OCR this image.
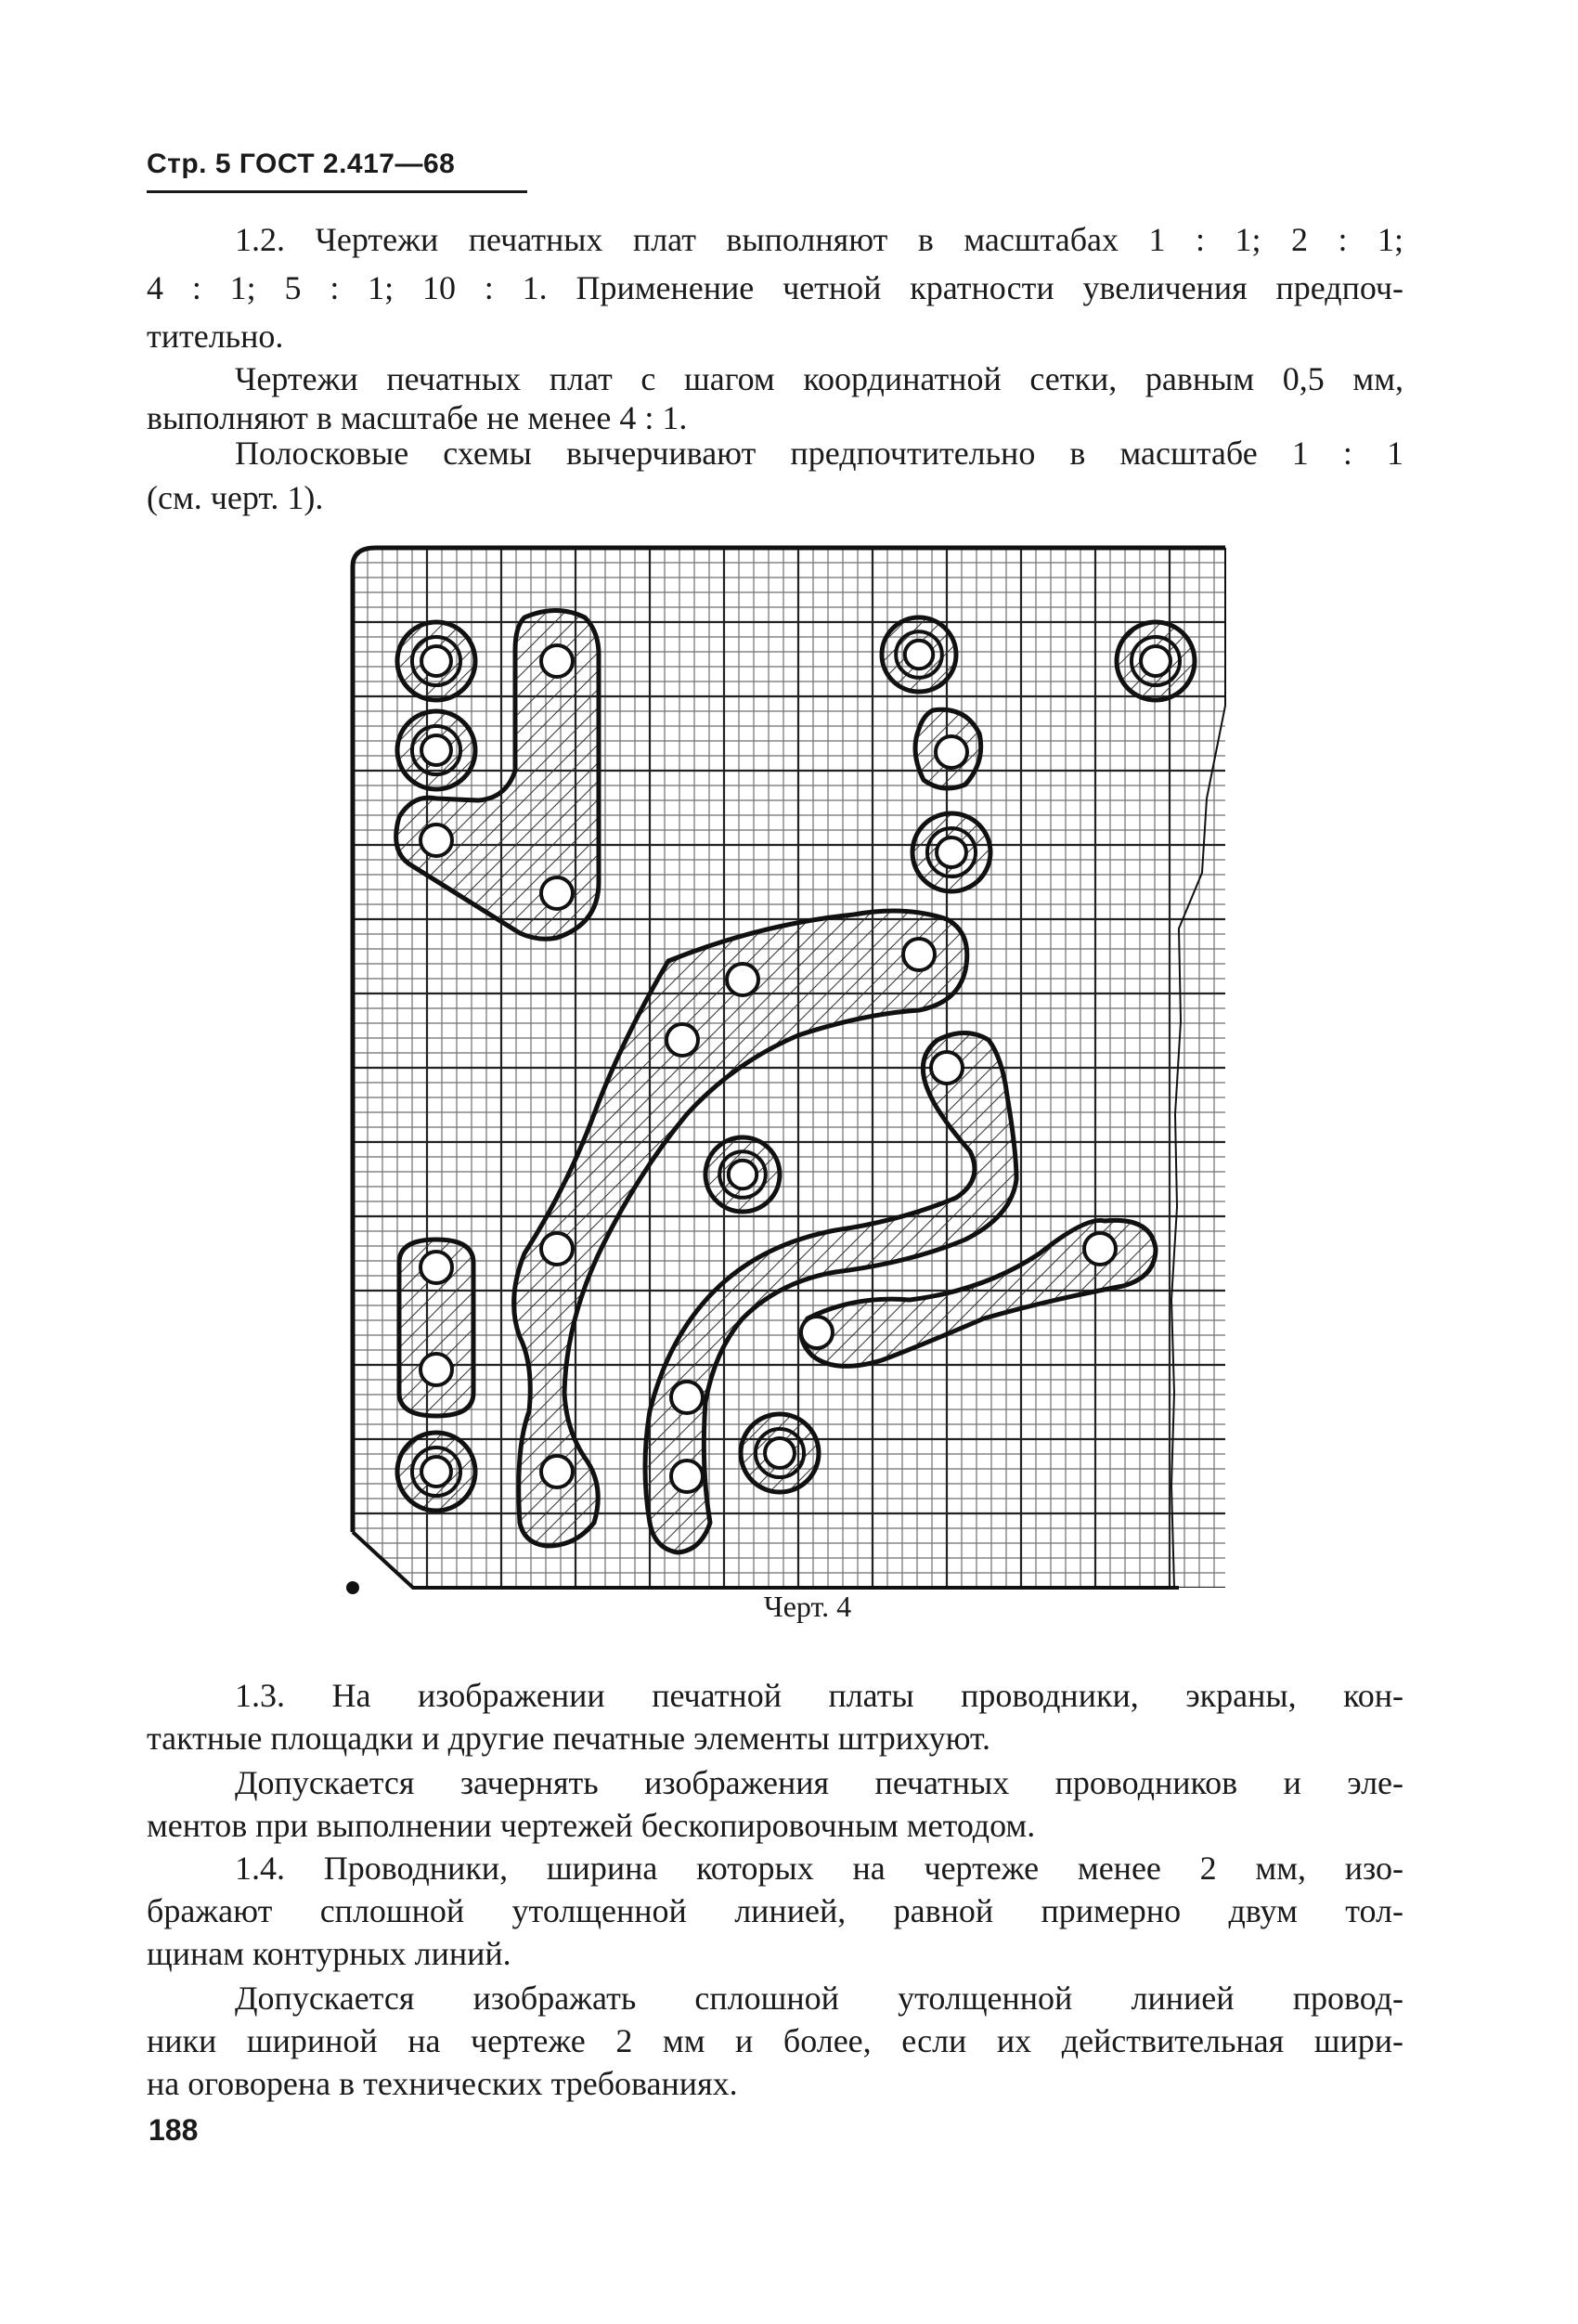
Стр. 5 ГОСТ 2.417—68

1.2. Чертежи печатных плат выполняют в масштабах 1 : 1; 2 : 1;

4 : 1; 5 : 1; 10 : 1. Применение четной кратности увеличения предпоч-

тительно.

Чертежи печатных плат с шагом координатной сетки, равным 0,5 мм,

выполняют в масштабе не менее 4 : 1.

Полосковые схемы вычерчивают предпочтительно в масштабе 1 : 1

(см. черт. 1).

Черт. 4

1.3. На изображении печатной платы проводники, экраны, кон-

тактные площадки и другие печатные элементы штрихуют.

Допускается зачернять изображения печатных проводников и эле-

ментов при выполнении чертежей бескопировочным методом.

1.4. Проводники, ширина которых на чертеже менее 2 мм, изо-

бражают сплошной утолщенной линией, равной примерно двум тол-

щинам контурных линий.

Допускается изображать сплошной утолщенной линией провод-

ники шириной на чертеже 2 мм и более, если их действительная шири-

на оговорена в технических требованиях.

188
